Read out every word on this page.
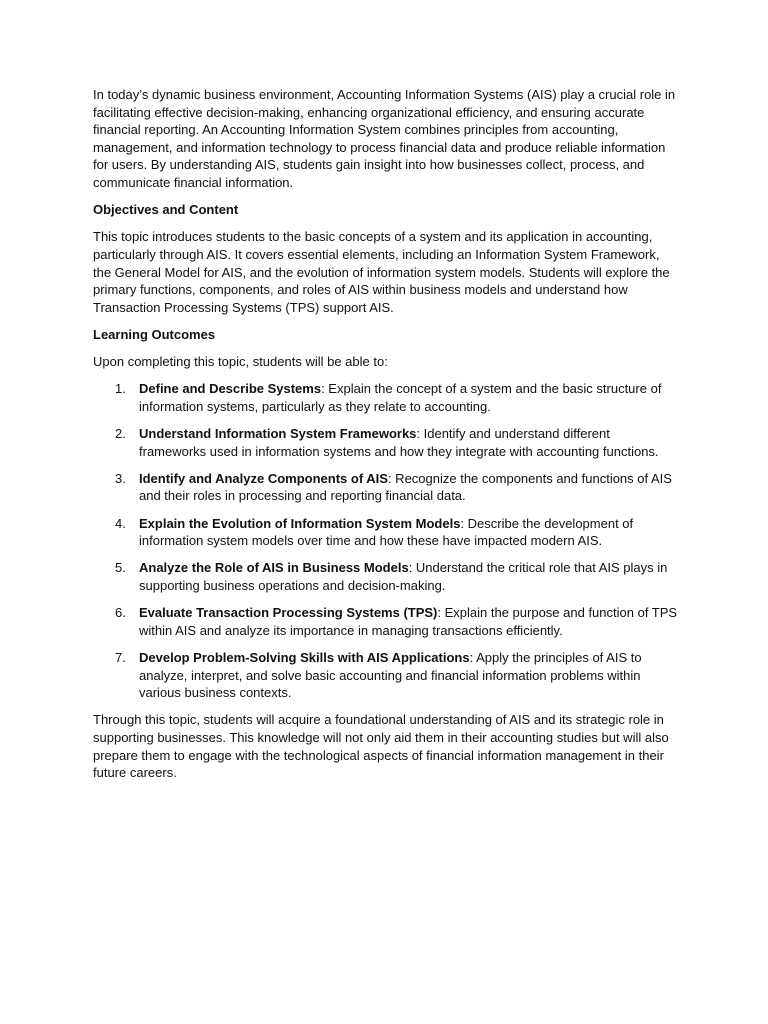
In today’s dynamic business environment, Accounting Information Systems (AIS) play a crucial role in facilitating effective decision-making, enhancing organizational efficiency, and ensuring accurate financial reporting. An Accounting Information System combines principles from accounting, management, and information technology to process financial data and produce reliable information for users. By understanding AIS, students gain insight into how businesses collect, process, and communicate financial information.

Objectives and Content

This topic introduces students to the basic concepts of a system and its application in accounting, particularly through AIS. It covers essential elements, including an Information System Framework, the General Model for AIS, and the evolution of information system models. Students will explore the primary functions, components, and roles of AIS within business models and understand how Transaction Processing Systems (TPS) support AIS.

Learning Outcomes

Upon completing this topic, students will be able to:

1. Define and Describe Systems: Explain the concept of a system and the basic structure of information systems, particularly as they relate to accounting.
2. Understand Information System Frameworks: Identify and understand different frameworks used in information systems and how they integrate with accounting functions.
3. Identify and Analyze Components of AIS: Recognize the components and functions of AIS and their roles in processing and reporting financial data.
4. Explain the Evolution of Information System Models: Describe the development of information system models over time and how these have impacted modern AIS.
5. Analyze the Role of AIS in Business Models: Understand the critical role that AIS plays in supporting business operations and decision-making.
6. Evaluate Transaction Processing Systems (TPS): Explain the purpose and function of TPS within AIS and analyze its importance in managing transactions efficiently.
7. Develop Problem-Solving Skills with AIS Applications: Apply the principles of AIS to analyze, interpret, and solve basic accounting and financial information problems within various business contexts.

Through this topic, students will acquire a foundational understanding of AIS and its strategic role in supporting businesses. This knowledge will not only aid them in their accounting studies but will also prepare them to engage with the technological aspects of financial information management in their future careers.
